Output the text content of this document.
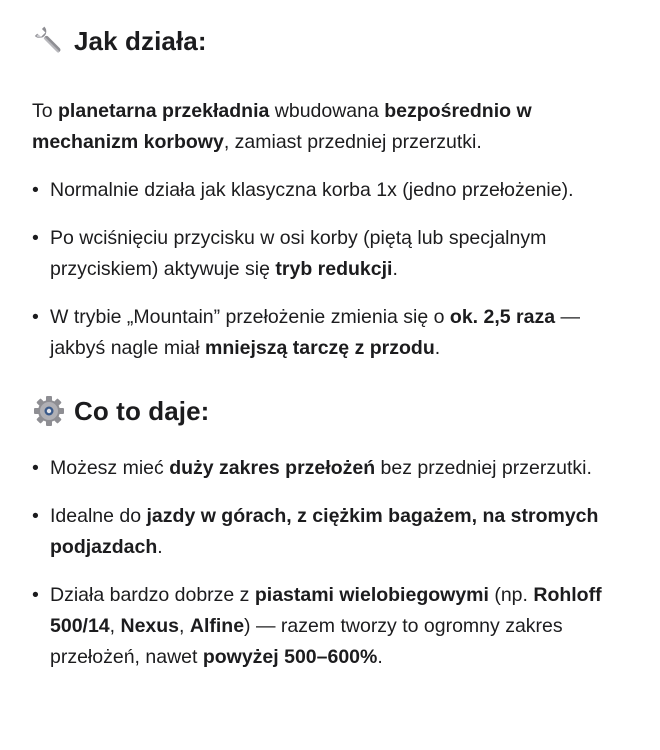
Jak działa:

To planetarna przekładnia wbudowana bezpośrednio w mechanizm korbowy, zamiast przedniej przerzutki.

• Normalnie działa jak klasyczna korba 1x (jedno przełożenie).
• Po wciśnięciu przycisku w osi korby (piętą lub specjalnym przyciskiem) aktywuje się tryb redukcji.
• W trybie „Mountain” przełożenie zmienia się o ok. 2,5 raza — jakbyś nagle miał mniejszą tarczę z przodu.
Co to daje:
• Możesz mieć duży zakres przełożeń bez przedniej przerzutki.
• Idealne do jazdy w górach, z ciężkim bagażem, na stromych podjazdach.
• Działa bardzo dobrze z piastami wielobiegowymi (np. Rohloff 500/14, Nexus, Alfine) — razem tworzy to ogromny zakres przełożeń, nawet powyżej 500–600%.
